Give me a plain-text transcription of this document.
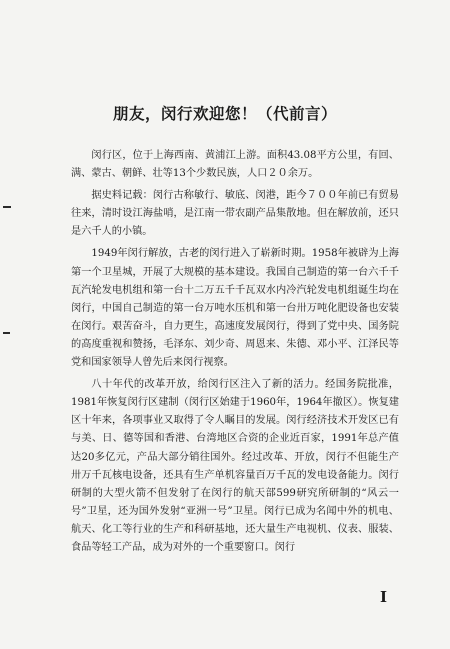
朋友，闵行欢迎您！（代前言）

闵行区，位于上海西南、黄浦江上游。面积43.08平方公里，有回、满、蒙古、朝鲜、壮等13个少数民族，人口２０余万。

据史料记载：闵行古称敏行、敏底、闵港，距今７００年前已有贸易往来，清时设江海盐哨，是江南一带农副产品集散地。但在解放前，还只是六千人的小镇。

1949年闵行解放，古老的闵行进入了崭新时期。1958年被辟为上海第一个卫星城，开展了大规模的基本建设。我国自己制造的第一台六千千瓦汽轮发电机组和第一台十二万五千千瓦双水内冷汽轮发电机组诞生均在闵行，中国自己制造的第一台万吨水压机和第一台卅万吨化肥设备也安装在闵行。艰苦奋斗，自力更生，高速度发展闵行，得到了党中央、国务院的高度重视和赞扬，毛泽东、刘少奇、周恩来、朱德、邓小平、江泽民等党和国家领导人曾先后来闵行视察。

八十年代的改革开放，给闵行区注入了新的活力。经国务院批准，1981年恢复闵行区建制（闵行区始建于1960年，1964年撤区）。恢复建区十年来，各项事业又取得了令人瞩目的发展。闵行经济技术开发区已有与美、日、德等国和香港、台湾地区合资的企业近百家，1991年总产值达20多亿元，产品大部分销往国外。经过改革、开放，闵行不但能生产卅万千瓦核电设备，还具有生产单机容量百万千瓦的发电设备能力。闵行研制的大型火箭不但发射了在闵行的航天部599研究所研制的“风云一号”卫星，还为国外发射“亚洲一号”卫星。闵行已成为名闻中外的机电、航天、化工等行业的生产和科研基地，还大量生产电视机、仪表、服装、食品等轻工产品，成为对外的一个重要窗口。闵行

I
